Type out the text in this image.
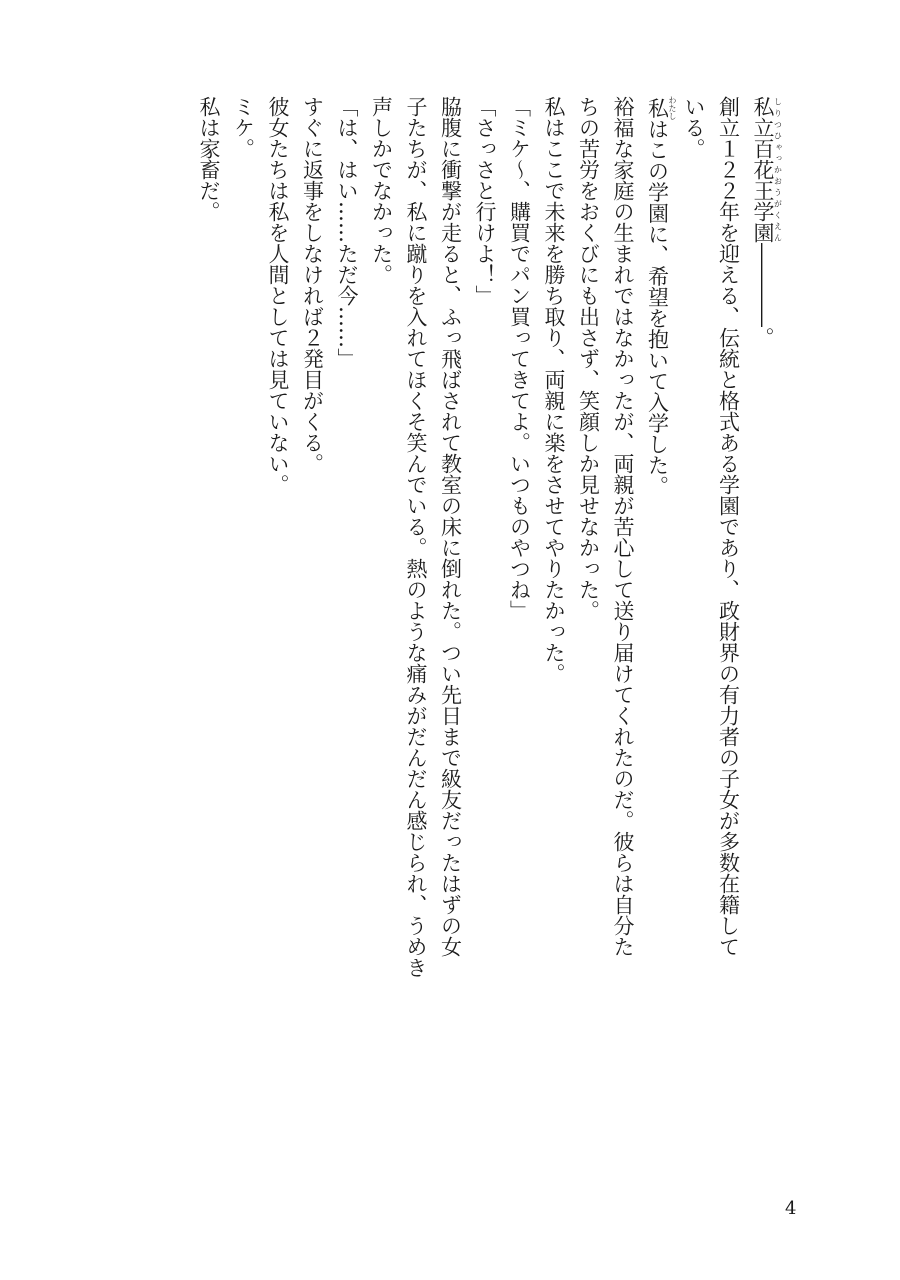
私立百花王学園しりつひゃっかおうがくえん――――。
創立１２２年を迎える、伝統と格式ある学園であり、政財界の有力者の子女が多数在籍して
いる。
私わたしはこの学園に、希望を抱いて入学した。
裕福な家庭の生まれではなかったが、両親が苦心して送り届けてくれたのだ。彼らは自分た
ちの苦労をおくびにも出さず、笑顔しか見せなかった。
私はここで未来を勝ち取り、両親に楽をさせてやりたかった。
「ミケ～、購買でパン買ってきてよ。いつものやつね」
「さっさと行けよ！」
脇腹に衝撃が走ると、ふっ飛ばされて教室の床に倒れた。つい先日まで級友だったはずの女
子たちが、私に蹴りを入れてほくそ笑んでいる。熱のような痛みがだんだん感じられ、うめき
声しかでなかった。
「は、はい……ただ今……」
すぐに返事をしなければ２発目がくる。
彼女たちは私を人間としては見ていない。
ミケ。
私は家畜だ。
4
